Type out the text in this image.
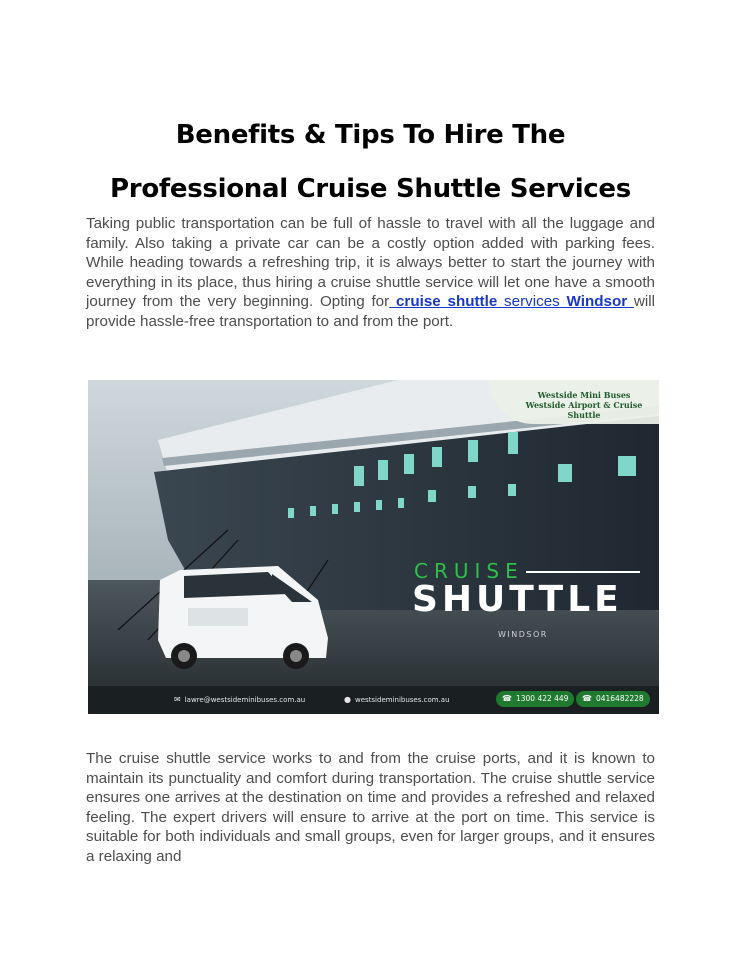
Benefits & Tips To Hire The
Professional Cruise Shuttle Services

Taking public transportation can be full of hassle to travel with all the luggage and family. Also taking a private car can be a costly option added with parking fees. While heading towards a refreshing trip, it is always better to start the journey with everything in its place, thus hiring a cruise shuttle service will let one have a smooth journey from the very beginning. Opting for cruise shuttle services Windsor will provide hassle-free transportation to and from the port.

Westside Mini Buses
Westside Airport & Cruise Shuttle
CRUISE
SHUTTLE
WINDSOR
✉ lawre@westsideminibuses.com.au	● westsideminibuses.com.au	☎ 1300 422 449	☎ 0416482228

The cruise shuttle service works to and from the cruise ports, and it is known to maintain its punctuality and comfort during transportation. The cruise shuttle service ensures one arrives at the destination on time and provides a refreshed and relaxed feeling. The expert drivers will ensure to arrive at the port on time. This service is suitable for both individuals and small groups, even for larger groups, and it ensures a relaxing and
